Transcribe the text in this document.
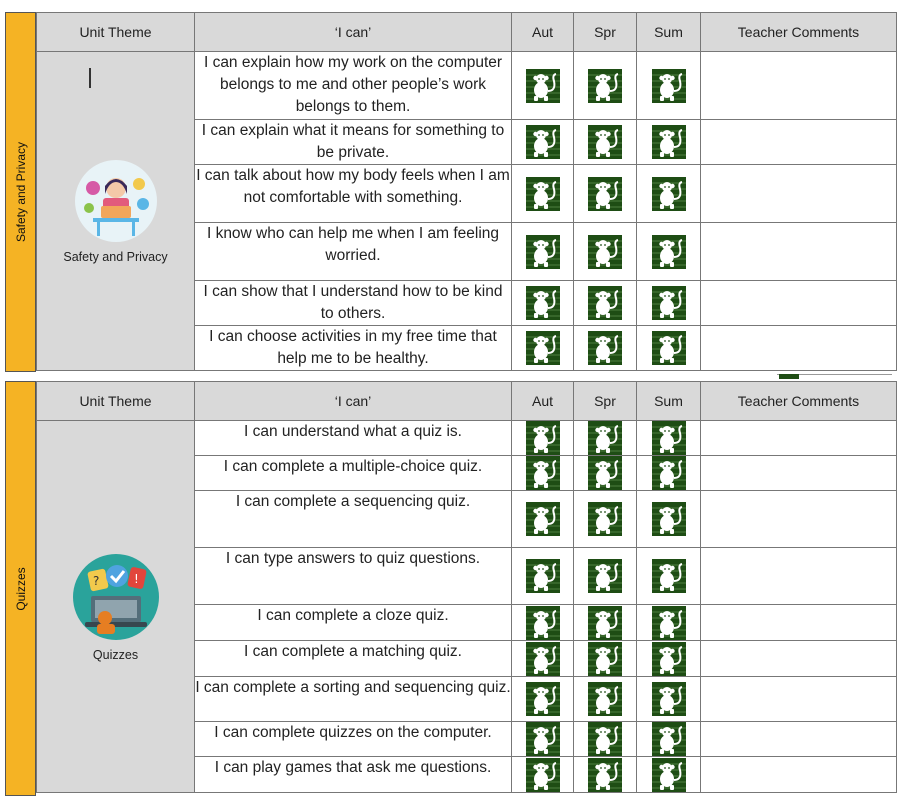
Safety and Privacy
Unit Theme	‘I can’	Aut	Spr	Sum	Teacher Comments

Safety and Privacy	I can explain how my work on the computer belongs to me and other people’s work belongs to them.				
	I can explain what it means for something to be private.				
	I can talk about how my body feels when I am not comfortable with something.				
	I know who can help me when I am feeling worried.				
	I can show that I understand how to be kind to others.				
	I can choose activities in my free time that help me to be healthy.				
Quizzes
Unit Theme	‘I can’	Aut	Spr	Sum	Teacher Comments

? !
Quizzes	I can understand what a quiz is.				
	I can complete a multiple-choice quiz.				
	I can complete a sequencing quiz.				
	I can type answers to quiz questions.				
	I can complete a cloze quiz.				
	I can complete a matching quiz.				
	I can complete a sorting and sequencing quiz.				
	I can complete quizzes on the computer.				
	I can play games that ask me questions.				
